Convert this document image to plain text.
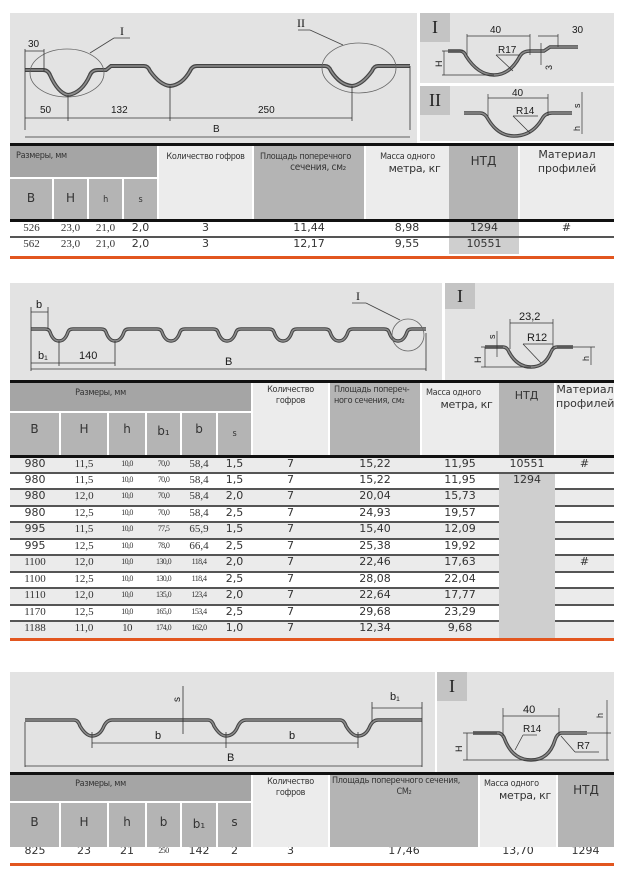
I
II
30
50	132	250
B
I	40	30
R17
H
3
II	40
R14
s
h
Размеры, мм				Количество гофров	Площадь поперечного
сечения, см₂	Масса одного
метра, кг	НТД	Материал профилей
B	H	h	s					
526	23,0	21,0	2,0	3	11,44	8,98	1294	#
562	23,0	21,0	2,0	3	12,17	9,55	10551	
I
b
b₁	140	B
I
23,2
R12
s
H	h
Размеры, мм						Количество гофров	Площадь попереч-
ного сечения, см₂	Масса одного
метра, кг	НТД	Материал профилей
B	H	h	b₁	b	s					
980	11,5	10,0	70,0	58,4	1,5	7	15,22	11,95	10551	#
980	11,5	10,0	70,0	58,4	1,5	7	15,22	11,95	1294	
980	12,0	10,0	70,0	58,4	2,0	7	20,04	15,73		
980	12,5	10,0	70,0	58,4	2,5	7	24,93	19,57		
995	11,5	10,0	77,5	65,9	1,5	7	15,40	12,09		
995	12,5	10,0	78,0	66,4	2,5	7	25,38	19,92		
1100	12,0	10,0	130,0	118,4	2,0	7	22,46	17,63		#
1100	12,5	10,0	130,0	118,4	2,5	7	28,08	22,04		
1110	12,0	10,0	135,0	123,4	2,0	7	22,64	17,77		
1170	12,5	10,0	165,0	153,4	2,5	7	29,68	23,29		
1188	11,0	10	174,0	162,0	1,0	7	12,34	9,68		
s
b	b
b₁
B
I
40
R14
R7
H
h
Размеры, мм						Количество гофров	Площадь поперечного сечения,
СМ₂	Масса одного
метра, кг	НТД
B	H	h	b	b₁	s				
825	23	21	250	142	2	3	17,46	13,70	1294
